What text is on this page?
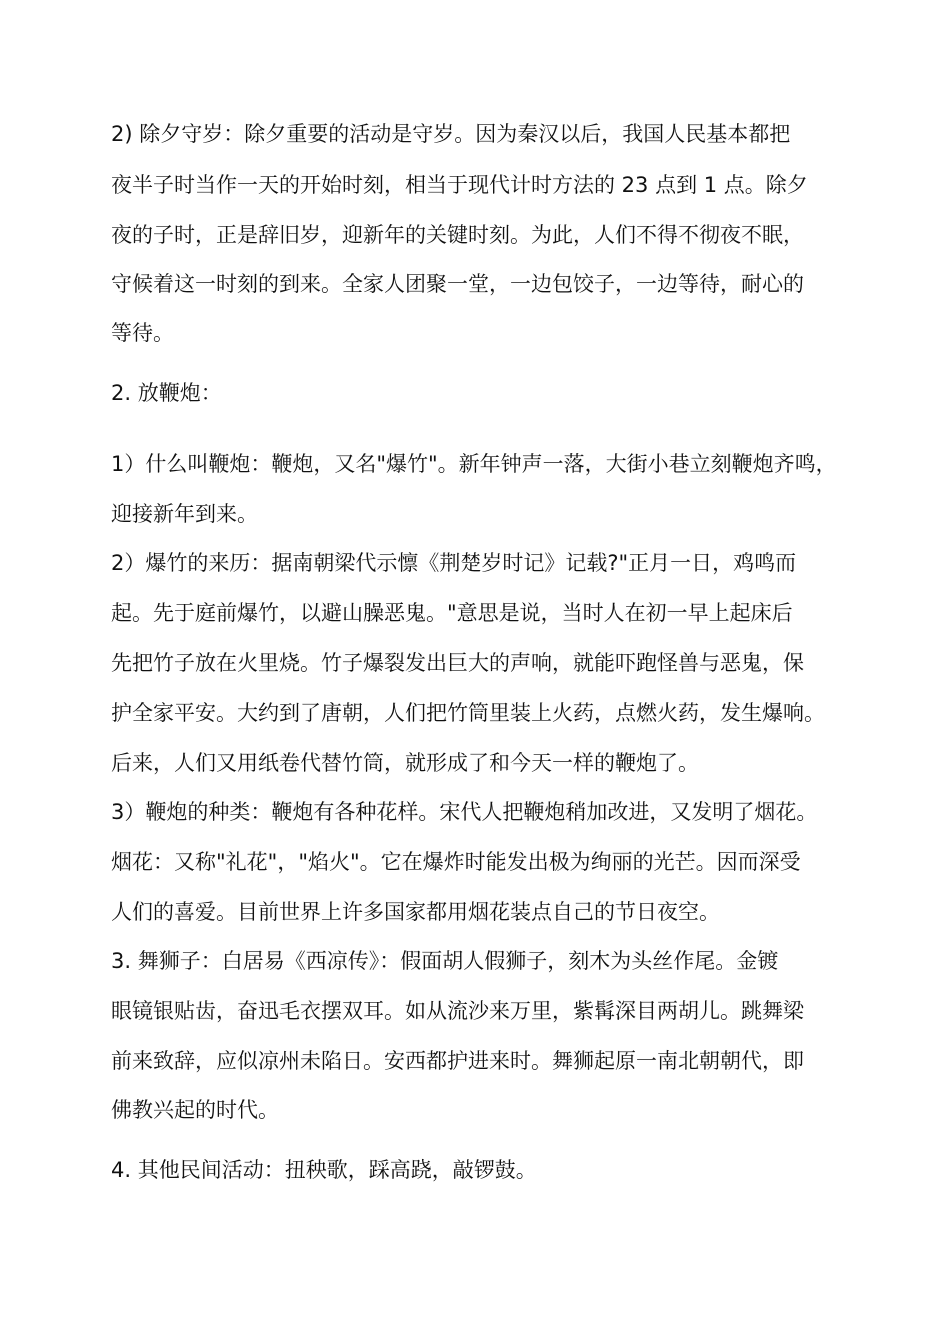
2) 除夕守岁：除夕重要的活动是守岁。因为秦汉以后，我国人民基本都把

夜半子时当作一天的开始时刻，相当于现代计时方法的 23 点到 1 点。除夕

夜的子时，正是辞旧岁，迎新年的关键时刻。为此，人们不得不彻夜不眠，

守候着这一时刻的到来。全家人团聚一堂，一边包饺子，一边等待，耐心的

等待。

2. 放鞭炮：

1）什么叫鞭炮：鞭炮，又名"爆竹"。新年钟声一落，大街小巷立刻鞭炮齐鸣，

迎接新年到来。

2）爆竹的来历：据南朝梁代示懔《荆楚岁时记》记载?"正月一日，鸡鸣而

起。先于庭前爆竹，以避山臊恶鬼。"意思是说，当时人在初一早上起床后

先把竹子放在火里烧。竹子爆裂发出巨大的声响，就能吓跑怪兽与恶鬼，保

护全家平安。大约到了唐朝，人们把竹筒里装上火药，点燃火药，发生爆响。

后来，人们又用纸卷代替竹筒，就形成了和今天一样的鞭炮了。

3）鞭炮的种类：鞭炮有各种花样。宋代人把鞭炮稍加改进，又发明了烟花。

烟花：又称"礼花"，"焰火"。它在爆炸时能发出极为绚丽的光芒。因而深受

人们的喜爱。目前世界上许多国家都用烟花装点自己的节日夜空。

3. 舞狮子：白居易《西凉传》：假面胡人假狮子，刻木为头丝作尾。金镀

眼镜银贴齿，奋迅毛衣摆双耳。如从流沙来万里，紫髯深目两胡儿。跳舞梁

前来致辞，应似凉州未陷日。安西都护进来时。舞狮起原一南北朝朝代，即

佛教兴起的时代。

4. 其他民间活动：扭秧歌，踩高跷，敲锣鼓。
